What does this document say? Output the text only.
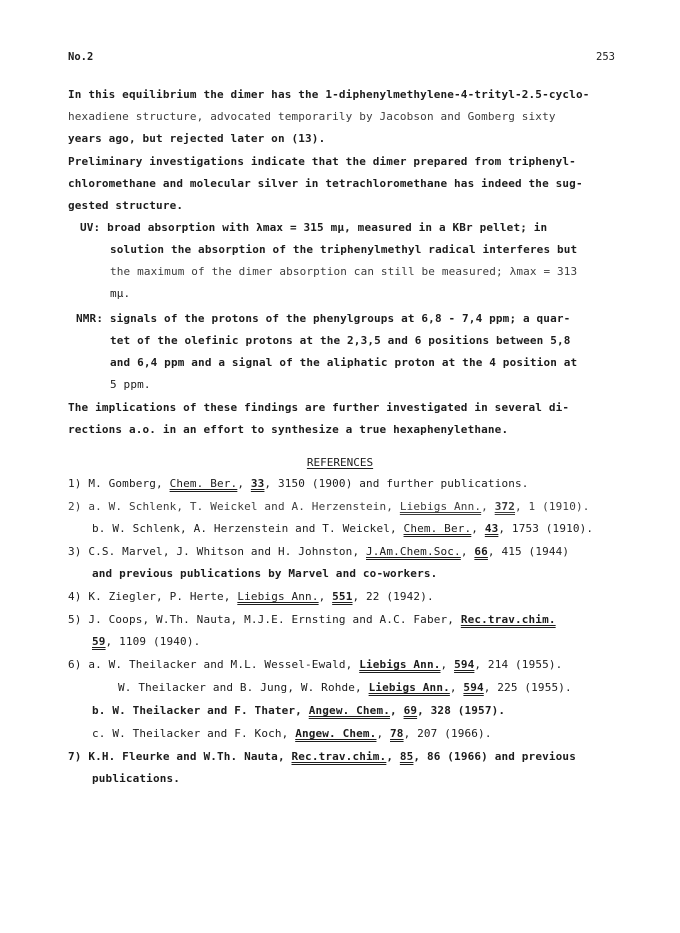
No.2	253
In this equilibrium the dimer has the 1-diphenylmethylene-4-trityl-2.5-cyclo-
hexadiene structure, advocated temporarily by Jacobson and Gomberg sixty
years ago, but rejected later on (13).
Preliminary investigations indicate that the dimer prepared from triphenyl-
chloromethane and molecular silver in tetrachloromethane has indeed the sug-
gested structure.
UV: broad absorption with λmax = 315 mμ, measured in a KBr pellet; in
solution the absorption of the triphenylmethyl radical interferes but
the maximum of the dimer absorption can still be measured; λmax = 313
mμ.
NMR: signals of the protons of the phenylgroups at 6,8 - 7,4 ppm; a quar-
tet of the olefinic protons at the 2,3,5 and 6 positions between 5,8
and 6,4 ppm and a signal of the aliphatic proton at the 4 position at
5 ppm.
The implications of these findings are further investigated in several di-
rections a.o. in an effort to synthesize a true hexaphenylethane.
REFERENCES
1) M. Gomberg, Chem. Ber., 33, 3150 (1900) and further publications.
2) a. W. Schlenk, T. Weickel and A. Herzenstein, Liebigs Ann., 372, 1 (1910).
b. W. Schlenk, A. Herzenstein and T. Weickel, Chem. Ber., 43, 1753 (1910).
3) C.S. Marvel, J. Whitson and H. Johnston, J.Am.Chem.Soc., 66, 415 (1944)
and previous publications by Marvel and co-workers.
4) K. Ziegler, P. Herte, Liebigs Ann., 551, 22 (1942).
5) J. Coops, W.Th. Nauta, M.J.E. Ernsting and A.C. Faber, Rec.trav.chim.
59, 1109 (1940).
6) a. W. Theilacker and M.L. Wessel-Ewald, Liebigs Ann., 594, 214 (1955).
W. Theilacker and B. Jung, W. Rohde, Liebigs Ann., 594, 225 (1955).
b. W. Theilacker and F. Thater, Angew. Chem., 69, 328 (1957).
c. W. Theilacker and F. Koch, Angew. Chem., 78, 207 (1966).
7) K.H. Fleurke and W.Th. Nauta, Rec.trav.chim., 85, 86 (1966) and previous
publications.
